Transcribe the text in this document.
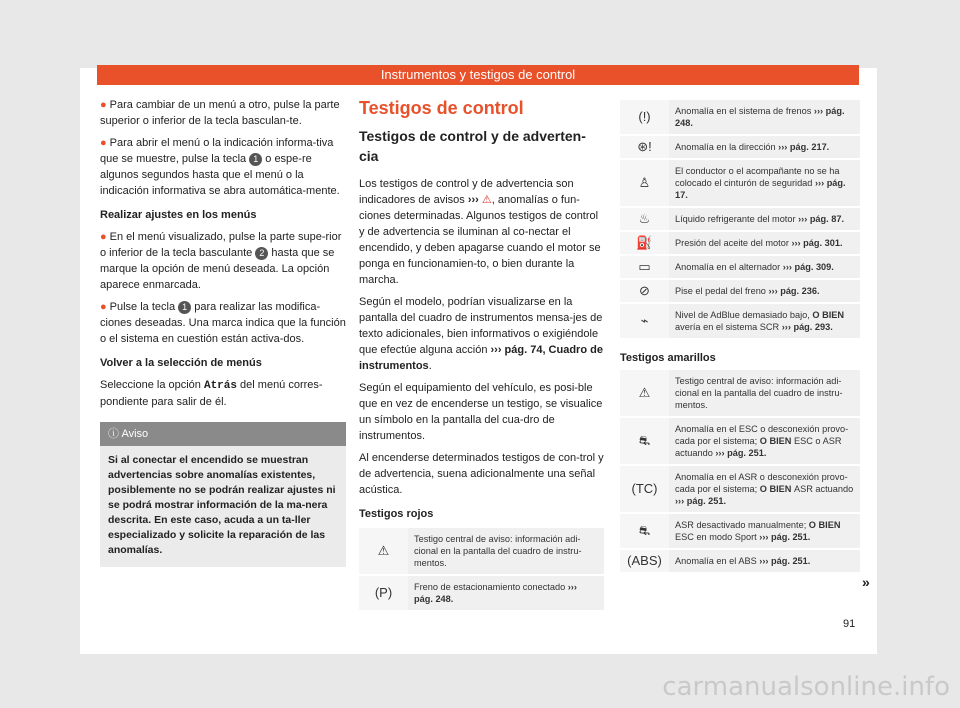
Instrumentos y testigos de control

● Para cambiar de un menú a otro, pulse la parte superior o inferior de la tecla basculan-te.

● Para abrir el menú o la indicación informa-tiva que se muestre, pulse la tecla 1 o espe-re algunos segundos hasta que el menú o la indicación informativa se abra automática-mente.

Realizar ajustes en los menús

● En el menú visualizado, pulse la parte supe-rior o inferior de la tecla basculante 2 hasta que se marque la opción de menú deseada. La opción aparece enmarcada.

● Pulse la tecla 1 para realizar las modifica-ciones deseadas. Una marca indica que la función o el sistema en cuestión están activa-dos.

Volver a la selección de menús

Seleccione la opción Atrás del menú corres-pondiente para salir de él.

ⓘ Aviso
Si al conectar el encendido se muestran advertencias sobre anomalías existentes, posiblemente no se podrán realizar ajustes ni se podrá mostrar información de la ma-nera descrita. En este caso, acuda a un ta-ller especializado y solicite la reparación de las anomalías.
Testigos de control
Testigos de control y de adverten-cia

Los testigos de control y de advertencia son indicadores de avisos ››› ⚠, anomalías o fun-ciones determinadas. Algunos testigos de control y de advertencia se iluminan al co-nectar el encendido, y deben apagarse cuando el motor se ponga en funcionamien-to, o bien durante la marcha.

Según el modelo, podrían visualizarse en la pantalla del cuadro de instrumentos mensa-jes de texto adicionales, bien informativos o exigiéndole que efectúe alguna acción ››› pág. 74, Cuadro de instrumentos.

Según el equipamiento del vehículo, es posi-ble que en vez de encenderse un testigo, se visualice un símbolo en la pantalla del cua-dro de instrumentos.

Al encenderse determinados testigos de con-trol y de advertencia, suena adicionalmente una señal acústica.

Testigos rojos

⚠	Testigo central de aviso: información adi-cional en la pantalla del cuadro de instru-mentos.
(P)	Freno de estacionamiento conectado ››› pág. 248.
(!)	Anomalía en el sistema de frenos ››› pág. 248.
⊛!	Anomalía en la dirección ››› pág. 217.
♙	El conductor o el acompañante no se ha colocado el cinturón de seguridad ››› pág. 17.
♨	Líquido refrigerante del motor ››› pág. 87.
⛽	Presión del aceite del motor ››› pág. 301.
▭	Anomalía en el alternador ››› pág. 309.
⊘	Pise el pedal del freno ››› pág. 236.
⌁	Nivel de AdBlue demasiado bajo, O BIEN avería en el sistema SCR ››› pág. 293.
Testigos amarillos
⚠	Testigo central de aviso: información adi-cional en la pantalla del cuadro de instru-mentos.
⛐	Anomalía en el ESC o desconexión provo-cada por el sistema; O BIEN ESC o ASR actuando ››› pág. 251.
(TC)	Anomalía en el ASR o desconexión provo-cada por el sistema; O BIEN ASR actuando ››› pág. 251.
⛐	ASR desactivado manualmente; O BIEN ESC en modo Sport ››› pág. 251.
(ABS)	Anomalía en el ABS ››› pág. 251.
»
91
carmanualsonline.info
